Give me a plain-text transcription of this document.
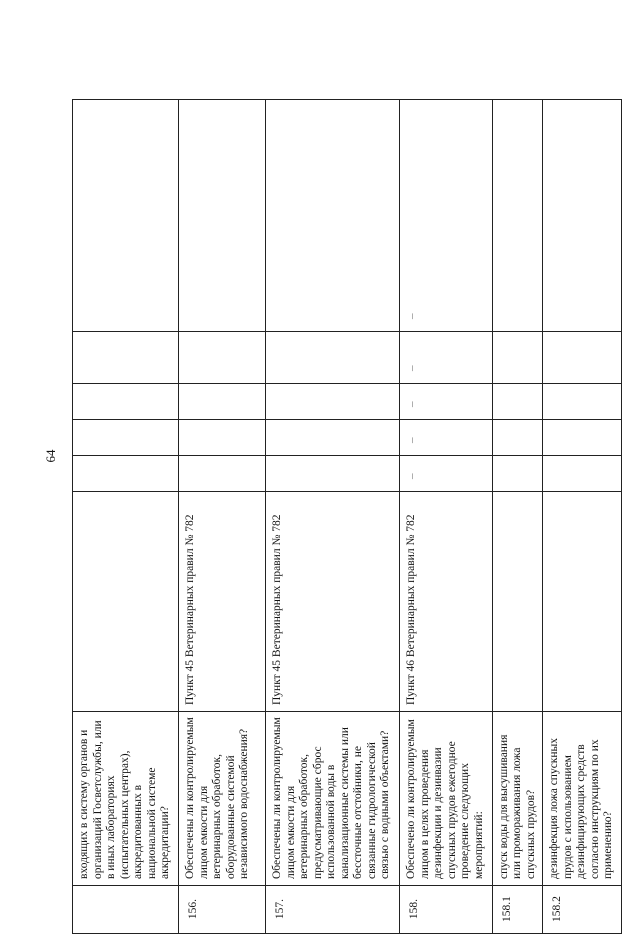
64
	входящих в систему органов и организаций Госветслужбы, или в иных лабораториях (испытательных центрах), аккредитованных в национальной системе аккредитации?		

156.	Обеспечены ли контролируемым лицом емкости для ветеринарных обработок, оборудованные системой независимого водоснабжения?	Пункт 45 Ветеринарных правил № 782	

157.	Обеспечены ли контролируемым лицом емкости для ветеринарных обработок, предусматривающие сброс использованной воды в канализационные системы или бессточные отстойники, не связанные гидрологической связью с водными объектами?	Пункт 45 Ветеринарных правил № 782	

158.	Обеспечено ли контролируемым лицом в целях проведения дезинфекции и дезинвазии спускных прудов ежегодное проведение следующих мероприятий:	Пункт 46 Ветеринарных правил № 782	–	–	–	–	–

158.1	спуск воды для высушивания или промораживания ложа спускных прудов?		

158.2	дезинфекция ложа спускных прудов с использованием дезинфицирующих средств согласно инструкциям по их применению?		
